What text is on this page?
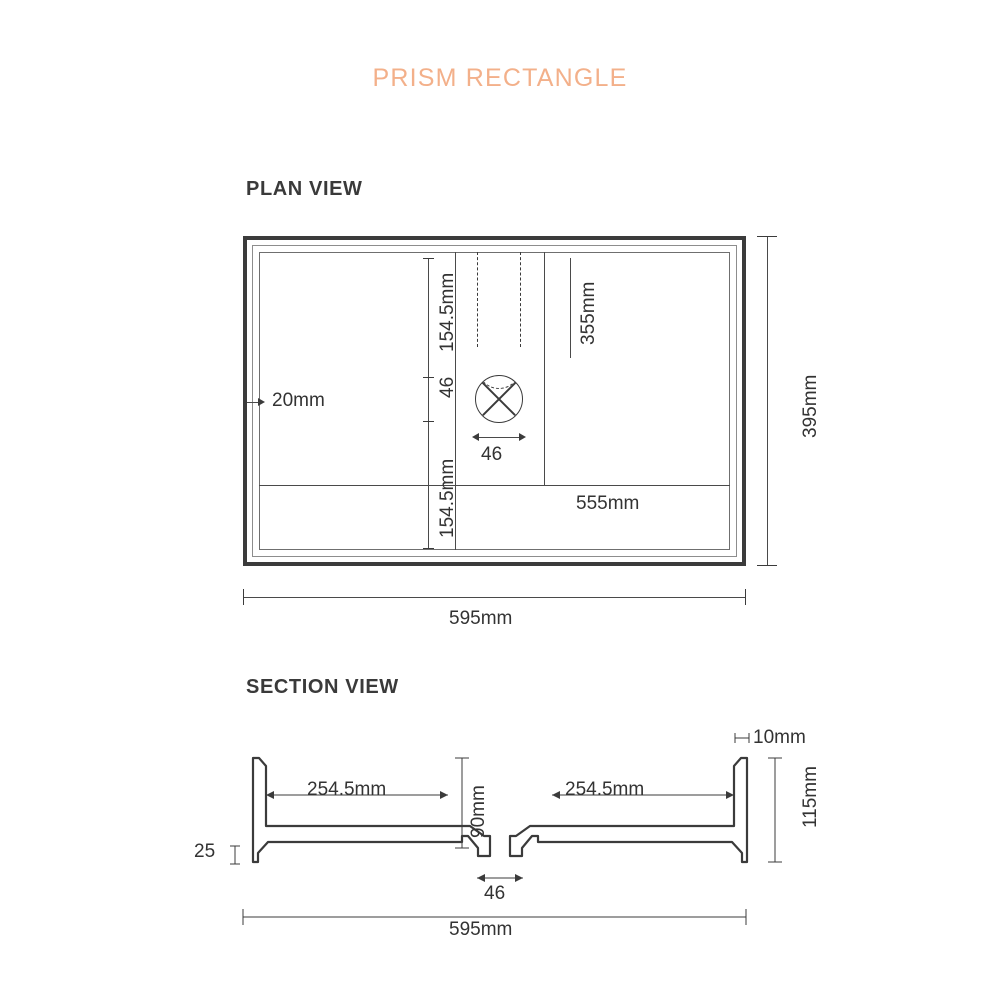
PRISM RECTANGLE
PLAN VIEW
46
20mm
555mm
355mm
154.5mm
46
154.5mm
395mm
595mm
SECTION VIEW
254.5mm	254.5mm
90mm
10mm
115mm
25
46
595mm
